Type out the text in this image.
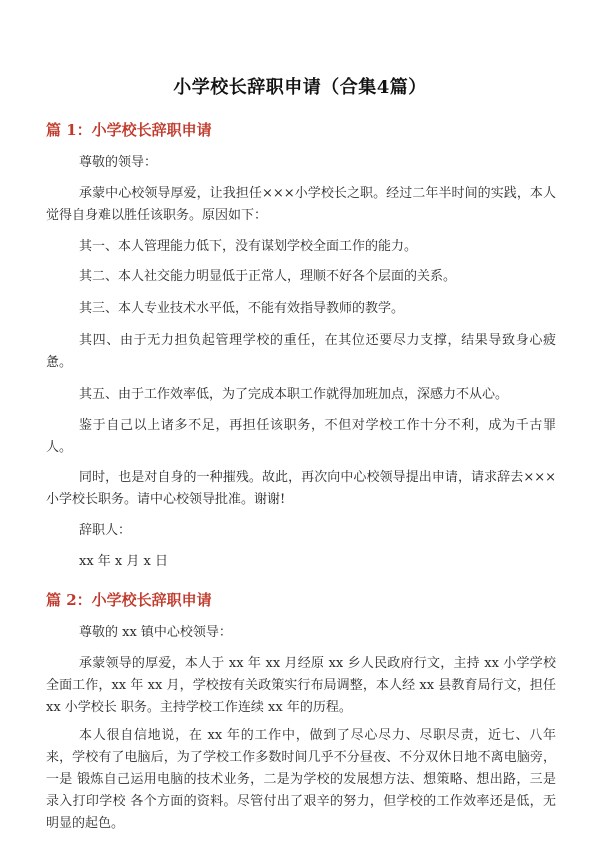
小学校长辞职申请（合集4篇）
篇 1：小学校长辞职申请
尊敬的领导：
承蒙中心校领导厚爱，让我担任×××小学校长之职。经过二年半时间的实践，本人觉得自身难以胜任该职务。原因如下：
其一、本人管理能力低下，没有谋划学校全面工作的能力。
其二、本人社交能力明显低于正常人，理顺不好各个层面的关系。
其三、本人专业技术水平低，不能有效指导教师的教学。
其四、由于无力担负起管理学校的重任，在其位还要尽力支撑，结果导致身心疲惫。
其五、由于工作效率低，为了完成本职工作就得加班加点，深感力不从心。
鉴于自己以上诸多不足，再担任该职务，不但对学校工作十分不利，成为千古罪人。
同时，也是对自身的一种摧残。故此，再次向中心校领导提出申请，请求辞去×××小学校长职务。请中心校领导批准。谢谢!
辞职人：
xx 年 x 月 x 日
篇 2：小学校长辞职申请
尊敬的 xx 镇中心校领导：
承蒙领导的厚爱，本人于 xx 年 xx 月经原 xx 乡人民政府行文，主持 xx 小学学校 全面工作，xx 年 xx 月，学校按有关政策实行布局调整，本人经 xx 县教育局行文，担任 xx 小学校长 职务。主持学校工作连续 xx 年的历程。
本人很自信地说，在 xx 年的工作中，做到了尽心尽力、尽职尽责，近七、八年来，学校有了电脑后，为了学校工作多数时间几乎不分昼夜、不分双休日地不离电脑旁，一是 锻炼自己运用电脑的技术业务，二是为学校的发展想方法、想策略、想出路，三是录入打印学校 各个方面的资料。尽管付出了艰辛的努力，但学校的工作效率还是低，无明显的起色。
